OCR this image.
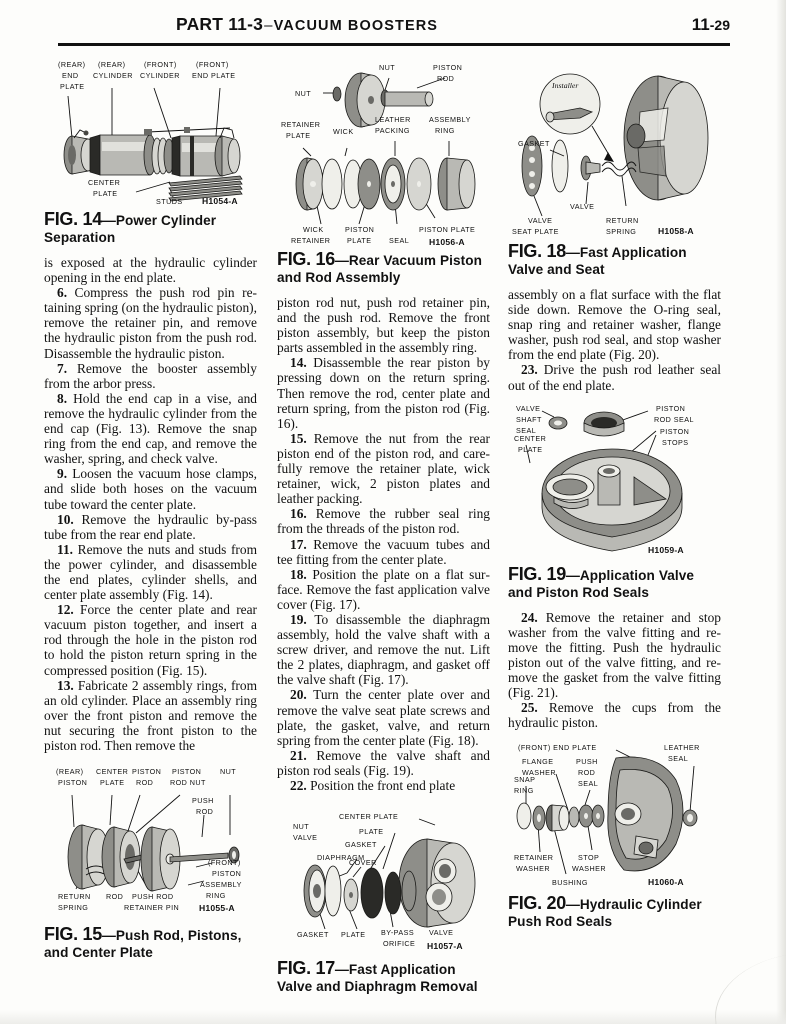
PART 11-3–VACUUM BOOSTERS	11-29
(REAR)
END
PLATE
(REAR)
CYLINDER
(FRONT)
CYLINDER
(FRONT)
END PLATE
CENTER
PLATE
STUDS H1054-A
FIG. 14—Power Cylinder Separation

is exposed at the hydraulic cylinder opening in the end plate.

6. Compress the push rod pin retaining spring (on the hydraulic piston), remove the retainer pin, and remove the hydraulic piston from the push rod. Disassemble the hydraulic piston.

7. Remove the booster assembly from the arbor press.

8. Hold the end cap in a vise, and remove the hydraulic cylinder from the end cap (Fig. 13). Remove the snap ring from the end cap, and remove the washer, spring, and check valve.

9. Loosen the vacuum hose clamps, and slide both hoses on the vacuum tube toward the center plate.

10. Remove the hydraulic by-pass tube from the rear end plate.

11. Remove the nuts and studs from the power cylinder, and disassemble the end plates, cylinder shells, and center plate assembly (Fig. 14).

12. Force the center plate and rear vacuum piston together, and insert a rod through the hole in the piston rod to hold the piston return spring in the compressed position (Fig. 15).

13. Fabricate 2 assembly rings, from an old cylinder. Place an assembly ring over the front piston and remove the nut securing the front piston to the piston rod. Then remove the

(REAR)
PISTON
CENTER
PLATE
PISTON
ROD
PISTON
ROD NUT
NUT
PUSH
ROD
(FRONT)
PISTON
ASSEMBLY
RING
RETURN
SPRING
ROD PUSH ROD
RETAINER PIN H1055-A
FIG. 15—Push Rod, Pistons, and Center Plate
NUT
NUT	PISTON
ROD
RETAINER
PLATE	WICK
LEATHER
PACKING
ASSEMBLY
RING
WICK
RETAINER
PISTON
PLATE SEAL
PISTON PLATE
H1056-A
FIG. 16—Rear Vacuum Piston and Rod Assembly

piston rod nut, push rod retainer pin, and the push rod. Remove the front piston assembly, but keep the piston parts assembled in the assembly ring.

14. Disassemble the rear piston by pressing down on the return spring. Then remove the rod, center plate and return spring, from the piston rod (Fig. 16).

15. Remove the nut from the rear piston end of the piston rod, and carefully remove the retainer plate, wick retainer, wick, 2 piston plates and leather packing.

16. Remove the rubber seal ring from the threads of the piston rod.

17. Remove the vacuum tubes and tee fitting from the center plate.

18. Position the plate on a flat surface. Remove the fast application valve cover (Fig. 17).

19. To disassemble the diaphragm assembly, hold the valve shaft with a screw driver, and remove the nut. Lift the 2 plates, diaphragm, and gasket off the valve shaft (Fig. 17).

20. Turn the center plate over and remove the valve seat plate screws and plate, the gasket, valve, and return spring from the center plate (Fig. 18).

21. Remove the valve shaft and piston rod seals (Fig. 19).

22. Position the front end plate

CENTER PLATE
PLATE
GASKET
DIAPHRAGM
NUT
VALVE
COVER
GASKET PLATE BY-PASS
ORIFICE
VALVE
H1057-A
FIG. 17—Fast Application Valve and Diaphragm Removal
Installer
GASKET
VALVE
VALVE
SEAT PLATE
RETURN
SPRING	H1058-A
FIG. 18—Fast Application Valve and Seat

assembly on a flat surface with the flat side down. Remove the O-ring seal, snap ring and retainer washer, flange washer, push rod seal, and stop washer from the end plate (Fig. 20).

23. Drive the push rod leather seal out of the end plate.

VALVE
SHAFT
SEAL
PISTON
ROD SEAL
PISTON
STOPS
CENTER
PLATE
H1059-A
FIG. 19—Application Valve and Piston Rod Seals

24. Remove the retainer and stop washer from the valve fitting and remove the fitting. Push the hydraulic piston out of the valve fitting, and remove the gasket from the valve fitting (Fig. 21).

25. Remove the cups from the hydraulic piston.

(FRONT) END PLATE	LEATHER
SEAL
FLANGE
WASHER
PUSH
ROD
SEAL
SNAP
RING
RETAINER
WASHER
STOP
WASHER
BUSHING	H1060-A
FIG. 20—Hydraulic Cylinder Push Rod Seals
